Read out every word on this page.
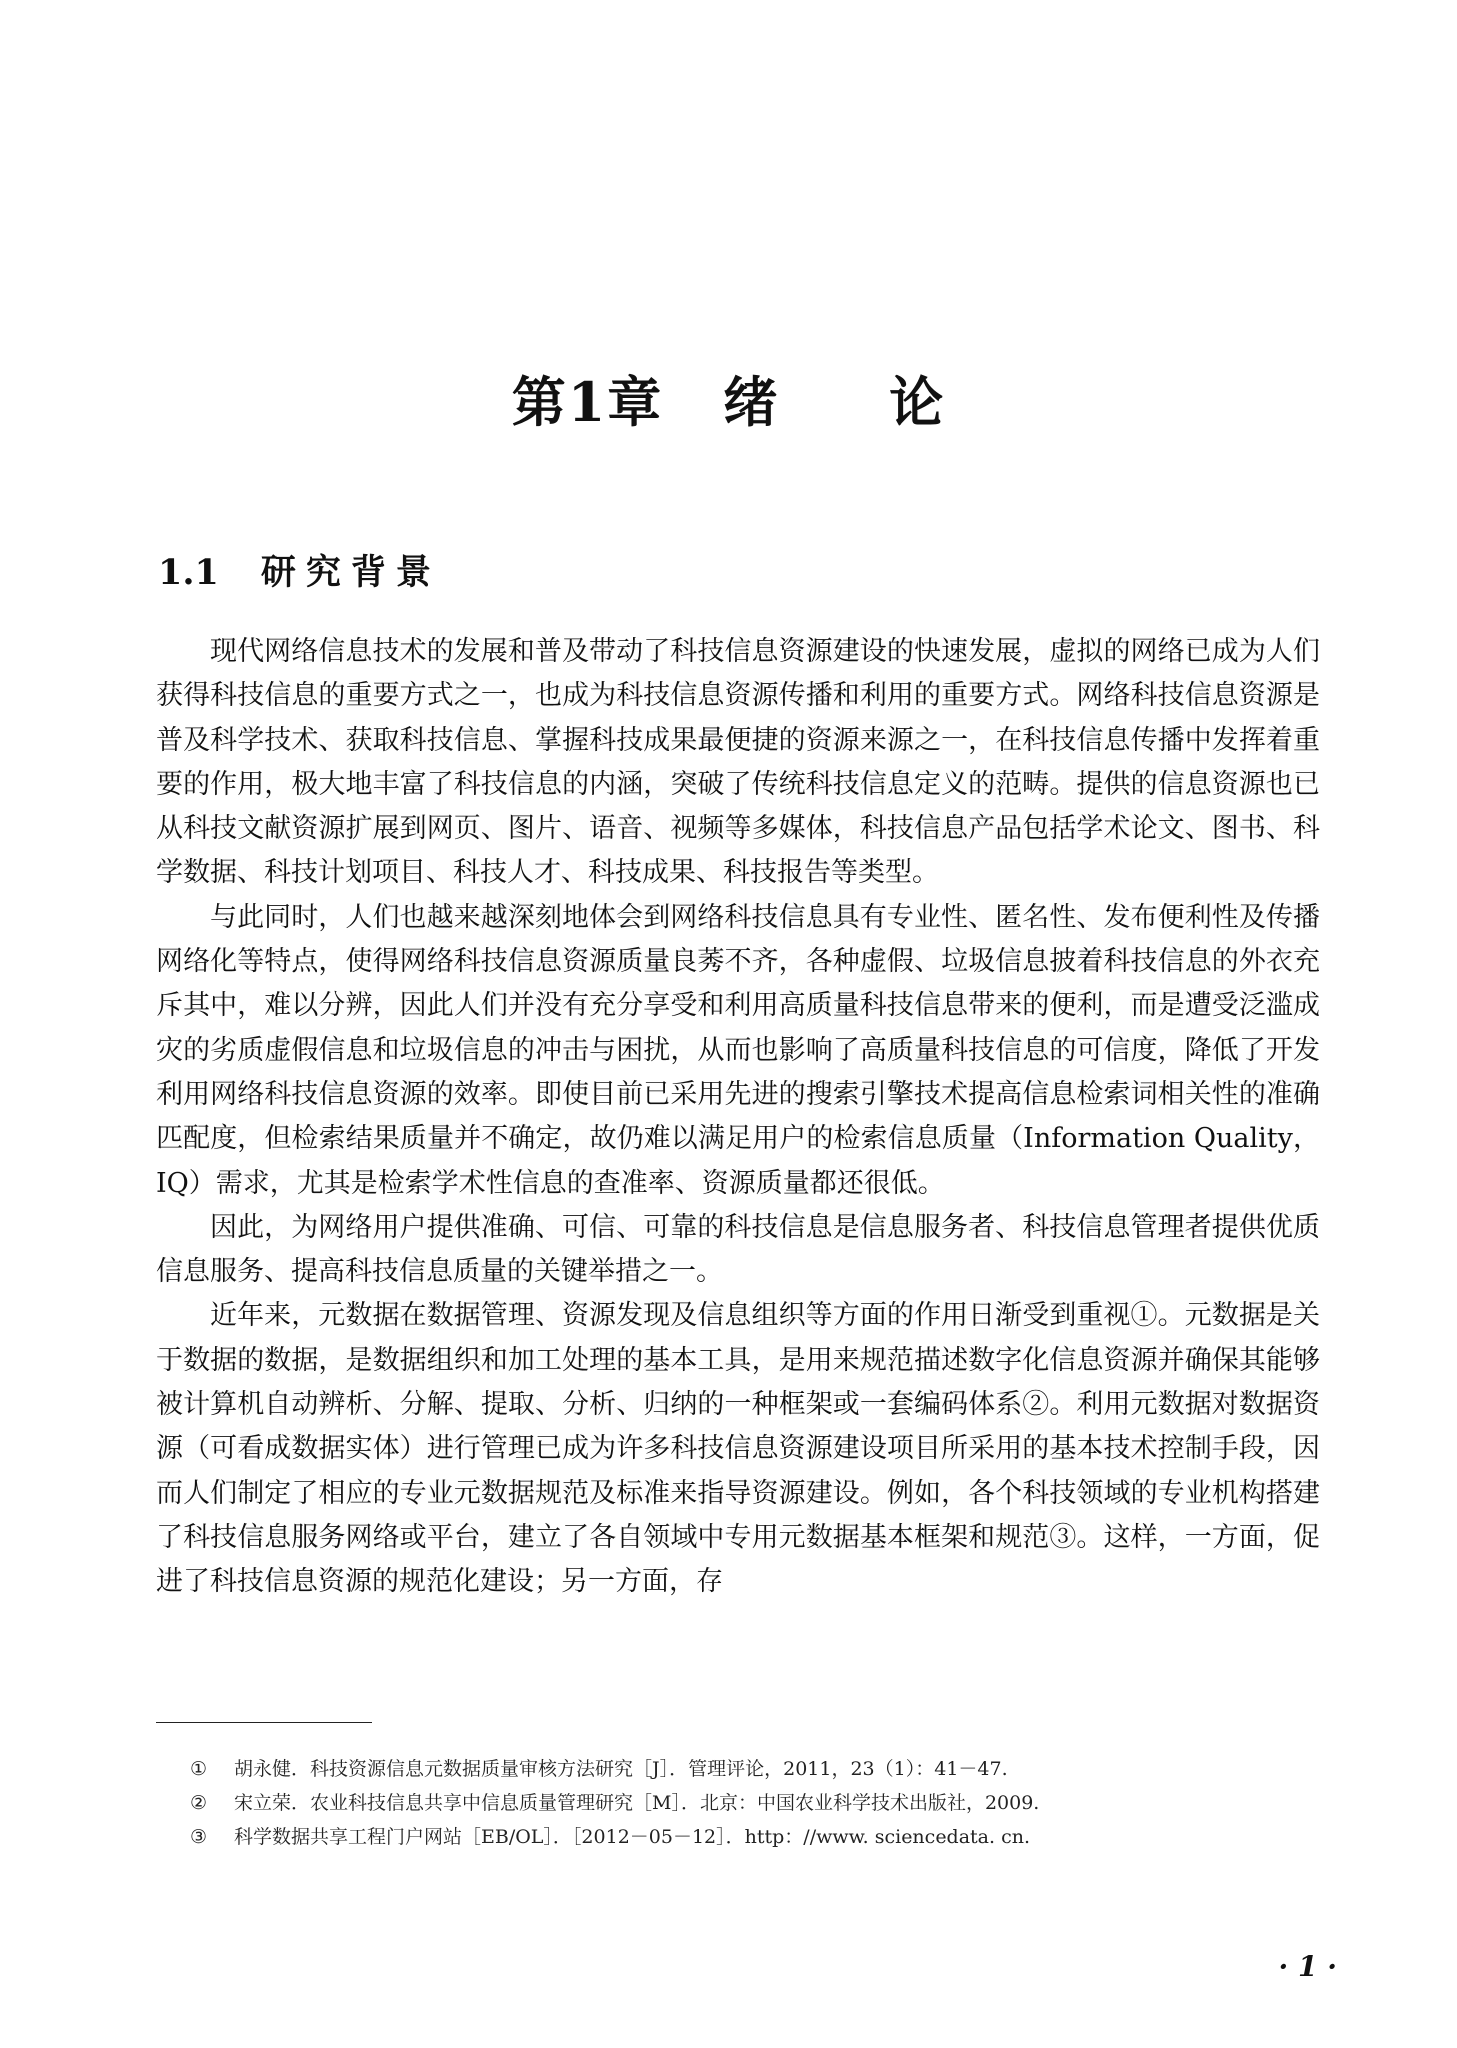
第1章 绪 论
1.1 研究背景

现代网络信息技术的发展和普及带动了科技信息资源建设的快速发展，虚拟的网络已成为人们获得科技信息的重要方式之一，也成为科技信息资源传播和利用的重要方式。网络科技信息资源是普及科学技术、获取科技信息、掌握科技成果最便捷的资源来源之一，在科技信息传播中发挥着重要的作用，极大地丰富了科技信息的内涵，突破了传统科技信息定义的范畴。提供的信息资源也已从科技文献资源扩展到网页、图片、语音、视频等多媒体，科技信息产品包括学术论文、图书、科学数据、科技计划项目、科技人才、科技成果、科技报告等类型。

与此同时，人们也越来越深刻地体会到网络科技信息具有专业性、匿名性、发布便利性及传播网络化等特点，使得网络科技信息资源质量良莠不齐，各种虚假、垃圾信息披着科技信息的外衣充斥其中，难以分辨，因此人们并没有充分享受和利用高质量科技信息带来的便利，而是遭受泛滥成灾的劣质虚假信息和垃圾信息的冲击与困扰，从而也影响了高质量科技信息的可信度，降低了开发利用网络科技信息资源的效率。即使目前已采用先进的搜索引擎技术提高信息检索词相关性的准确匹配度，但检索结果质量并不确定，故仍难以满足用户的检索信息质量（Information Quality，IQ）需求，尤其是检索学术性信息的查准率、资源质量都还很低。

因此，为网络用户提供准确、可信、可靠的科技信息是信息服务者、科技信息管理者提供优质信息服务、提高科技信息质量的关键举措之一。

近年来，元数据在数据管理、资源发现及信息组织等方面的作用日渐受到重视①。元数据是关于数据的数据，是数据组织和加工处理的基本工具，是用来规范描述数字化信息资源并确保其能够被计算机自动辨析、分解、提取、分析、归纳的一种框架或一套编码体系②。利用元数据对数据资源（可看成数据实体）进行管理已成为许多科技信息资源建设项目所采用的基本技术控制手段，因而人们制定了相应的专业元数据规范及标准来指导资源建设。例如，各个科技领域的专业机构搭建了科技信息服务网络或平台，建立了各自领域中专用元数据基本框架和规范③。这样，一方面，促进了科技信息资源的规范化建设；另一方面，存

①	胡永健．科技资源信息元数据质量审核方法研究［J］．管理评论，2011，23（1）：41－47.
②	宋立荣．农业科技信息共享中信息质量管理研究［M］．北京：中国农业科学技术出版社，2009.
③	科学数据共享工程门户网站［EB/OL］．［2012－05－12］．http：//www. sciencedata. cn.
· 1 ·
